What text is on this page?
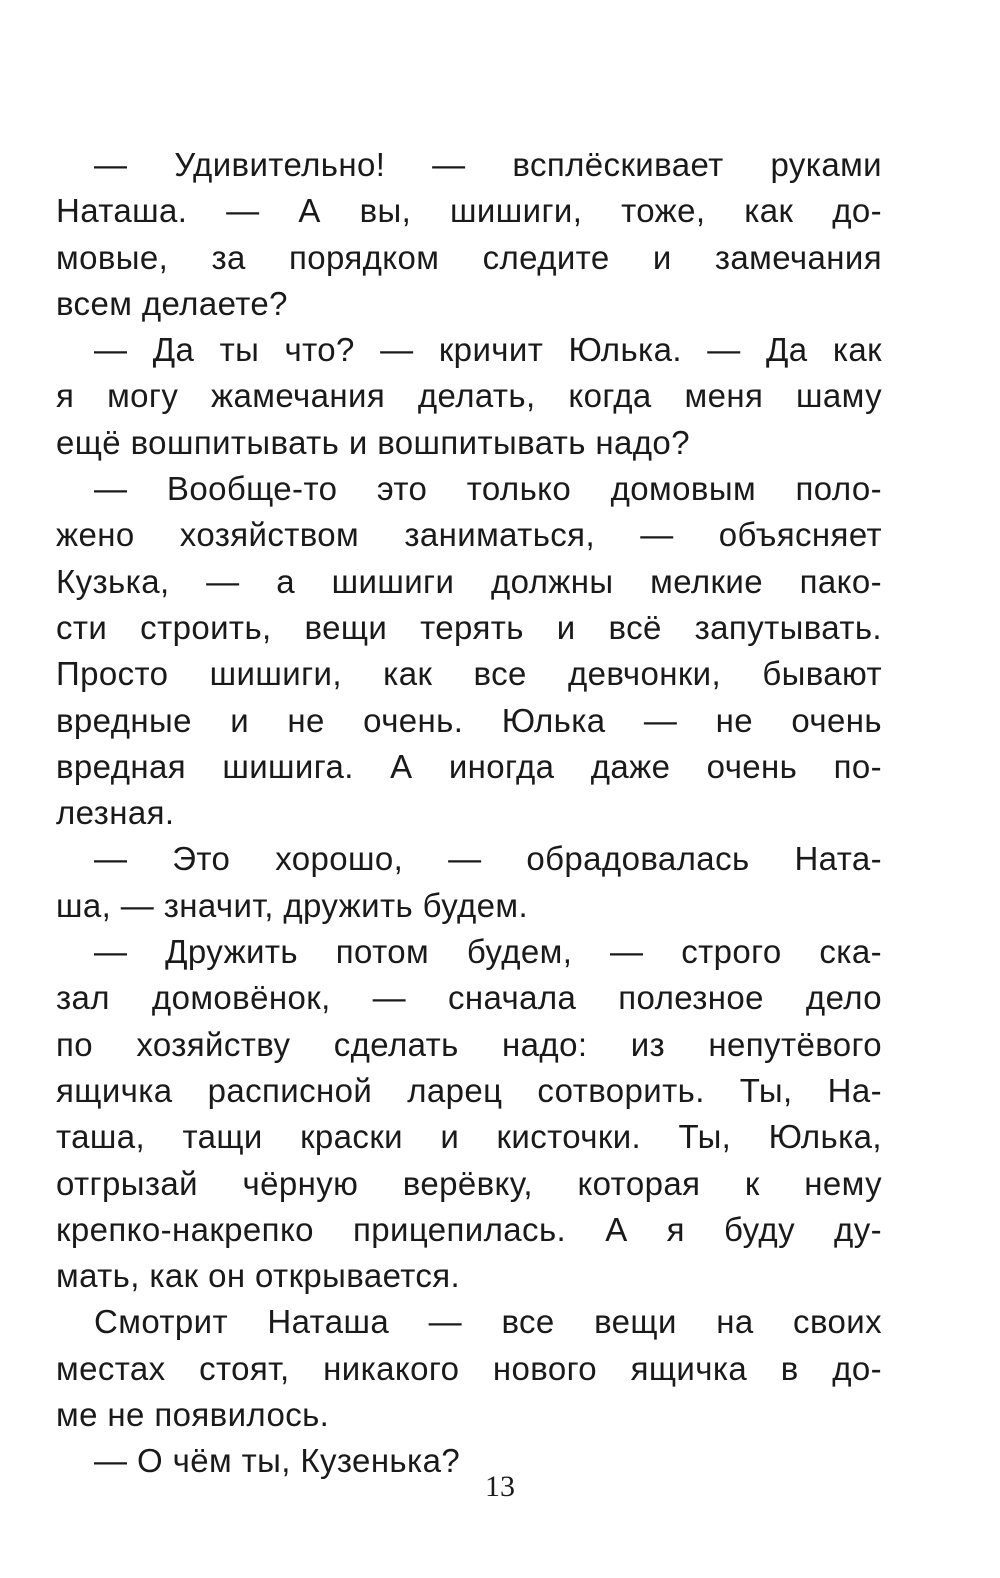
— Удивительно! — всплёскивает руками
Наташа. — А вы, шишиги, тоже, как до-
мовые, за порядком следите и замечания
всем делаете?
— Да ты что? — кричит Юлька. — Да как
я могу жамечания делать, когда меня шаму
ещё вошпитывать и вошпитывать надо?
— Вообще-то это только домовым поло-
жено хозяйством заниматься, — объясняет
Кузька, — а шишиги должны мелкие пако-
сти строить, вещи терять и всё запутывать.
Просто шишиги, как все девчонки, бывают
вредные и не очень. Юлька — не очень
вредная шишига. А иногда даже очень по-
лезная.
— Это хорошо, — обрадовалась Ната-
ша, — значит, дружить будем.
— Дружить потом будем, — строго ска-
зал домовёнок, — сначала полезное дело
по хозяйству сделать надо: из непутёвого
ящичка расписной ларец сотворить. Ты, На-
таша, тащи краски и кисточки. Ты, Юлька,
отгрызай чёрную верёвку, которая к нему
крепко-накрепко прицепилась. А я буду ду-
мать, как он открывается.
Смотрит Наташа — все вещи на своих
местах стоят, никакого нового ящичка в до-
ме не появилось.
— О чём ты, Кузенька?
13
